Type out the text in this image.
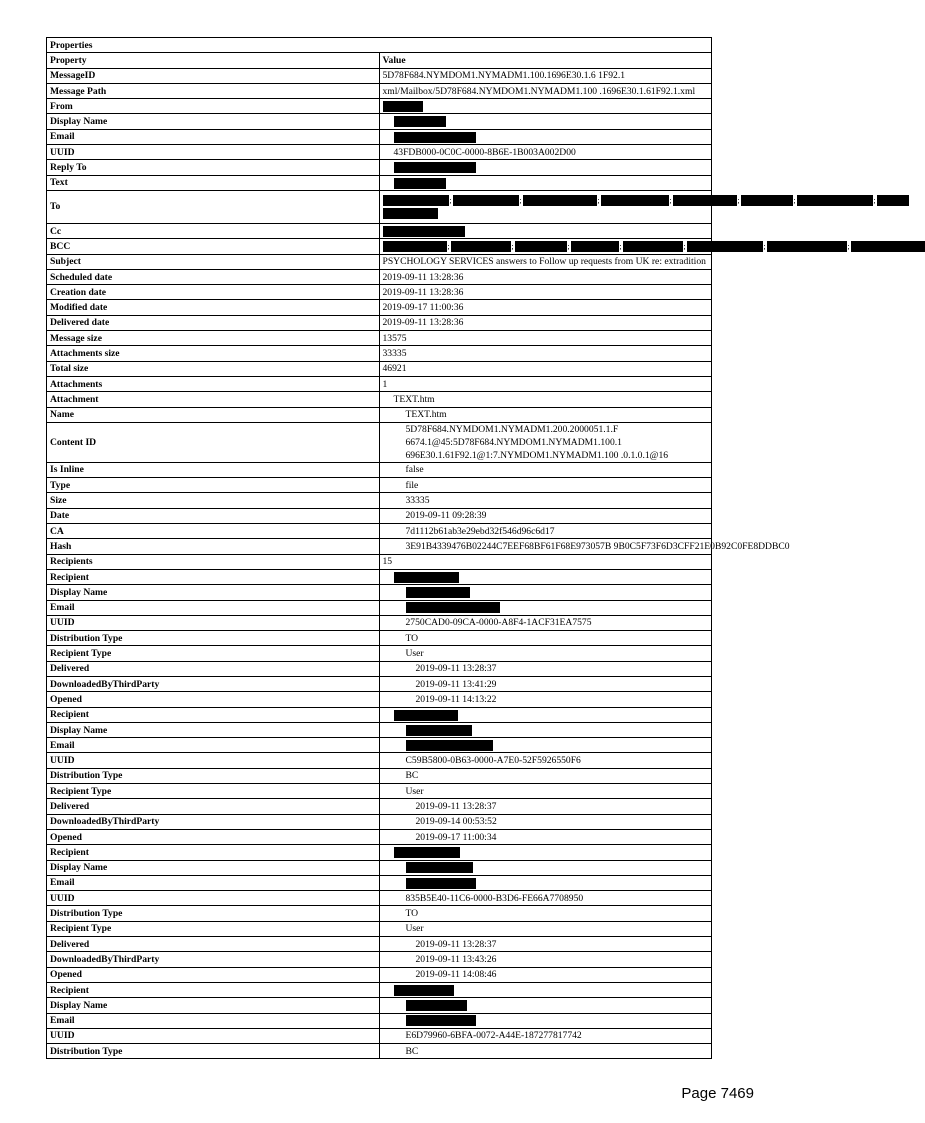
Properties	
Property	Value
MessageID	5D78F684.NYMDOM1.NYMADM1.100.1696E30.1.6 1F92.1
Message Path	xml/Mailbox/5D78F684.NYMDOM1.NYMADM1.100 .1696E30.1.61F92.1.xml
From	
Display Name	
Email	
UUID	43FDB000-0C0C-0000-8B6E-1B003A002D00
Reply To	
Text	
To	; ; ; ; ; ; ;

Cc	
BCC	; ; ; ; ; ; ;

Subject	PSYCHOLOGY SERVICES answers to Follow up requests from UK re: extradition
Scheduled date	2019-09-11 13:28:36
Creation date	2019-09-11 13:28:36
Modified date	2019-09-17 11:00:36
Delivered date	2019-09-11 13:28:36
Message size	13575
Attachments size	33335
Total size	46921
Attachments	1
Attachment	TEXT.htm
Name	TEXT.htm
Content ID	5D78F684.NYMDOM1.NYMADM1.200.2000051.1.F
6674.1@45:5D78F684.NYMDOM1.NYMADM1.100.1
696E30.1.61F92.1@1:7.NYMDOM1.NYMADM1.100 .0.1.0.1@16
Is Inline	false
Type	file
Size	33335
Date	2019-09-11 09:28:39
CA	7d1112b61ab3e29ebd32f546d96c6d17
Hash	3E91B4339476B02244C7EEF68BF61F68E973057B 9B0C5F73F6D3CFF21E0B92C0FE8DDBC0
Recipients	15
Recipient	
Display Name	
Email	
UUID	2750CAD0-09CA-0000-A8F4-1ACF31EA7575
Distribution Type	TO
Recipient Type	User
Delivered	2019-09-11 13:28:37
DownloadedByThirdParty	2019-09-11 13:41:29
Opened	2019-09-11 14:13:22
Recipient	
Display Name	
Email	
UUID	C59B5800-0B63-0000-A7E0-52F5926550F6
Distribution Type	BC
Recipient Type	User
Delivered	2019-09-11 13:28:37
DownloadedByThirdParty	2019-09-14 00:53:52
Opened	2019-09-17 11:00:34
Recipient	
Display Name	
Email	
UUID	835B5E40-11C6-0000-B3D6-FE66A7708950
Distribution Type	TO
Recipient Type	User
Delivered	2019-09-11 13:28:37
DownloadedByThirdParty	2019-09-11 13:43:26
Opened	2019-09-11 14:08:46
Recipient	
Display Name	
Email	
UUID	E6D79960-6BFA-0072-A44E-187277817742
Distribution Type	BC
Page 7469
